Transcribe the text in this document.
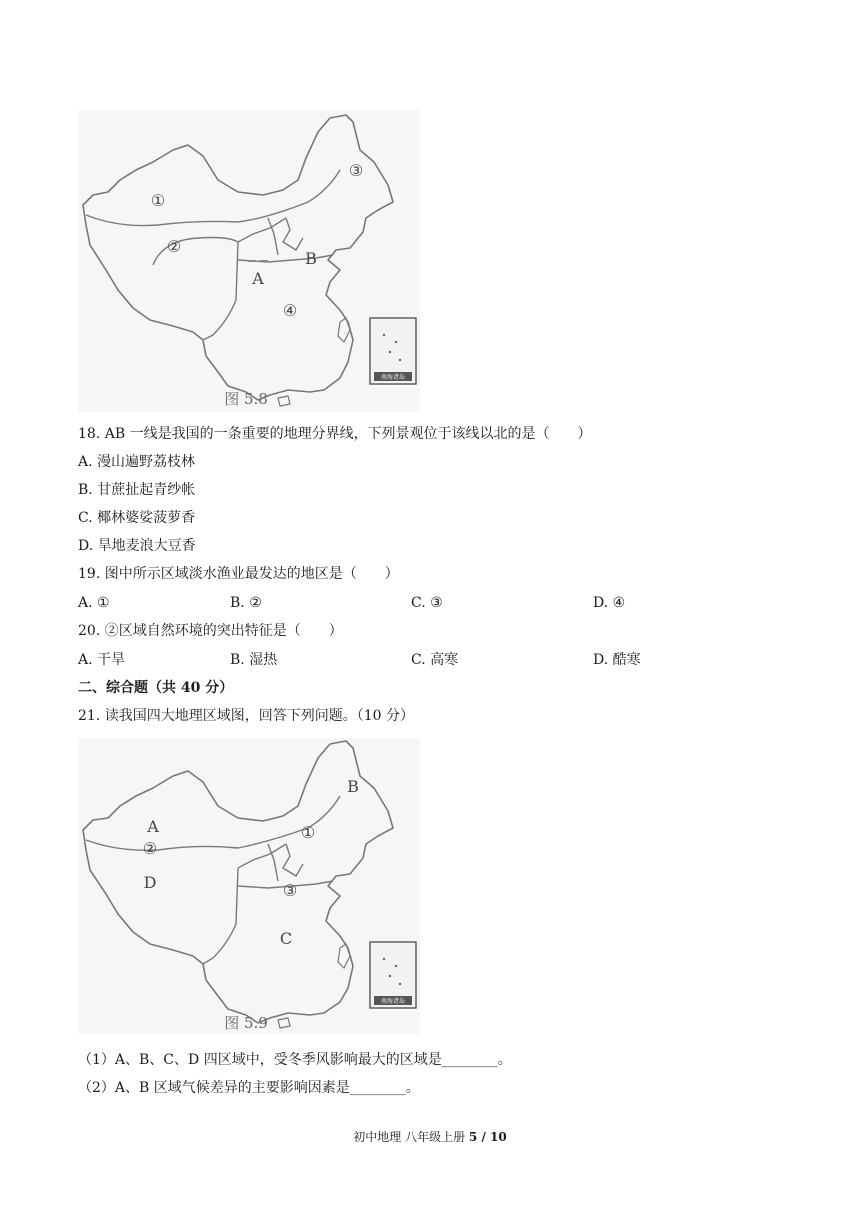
南海诸岛
①
②
③
④
A
B
图 5.8
18. AB 一线是我国的一条重要的地理分界线，下列景观位于该线以北的是（　　）
A. 漫山遍野荔枝林
B. 甘蔗扯起青纱帐
C. 椰林婆娑菠萝香
D. 旱地麦浪大豆香
19. 图中所示区域淡水渔业最发达的地区是（　　）
A. ①	B. ②	C. ③	D. ④
20. ②区域自然环境的突出特征是（　　）
A. 干旱	B. 湿热	C. 高寒	D. 酷寒
二、综合题（共 40 分）
21. 读我国四大地理区域图，回答下列问题。（10 分）
南海诸岛
A
B
C
D
①
②
③
图 5.9
（1）A、B、C、D 四区域中，受冬季风影响最大的区域是________。
（2）A、B 区域气候差异的主要影响因素是________。
初中地理 八年级上册 5 / 10
